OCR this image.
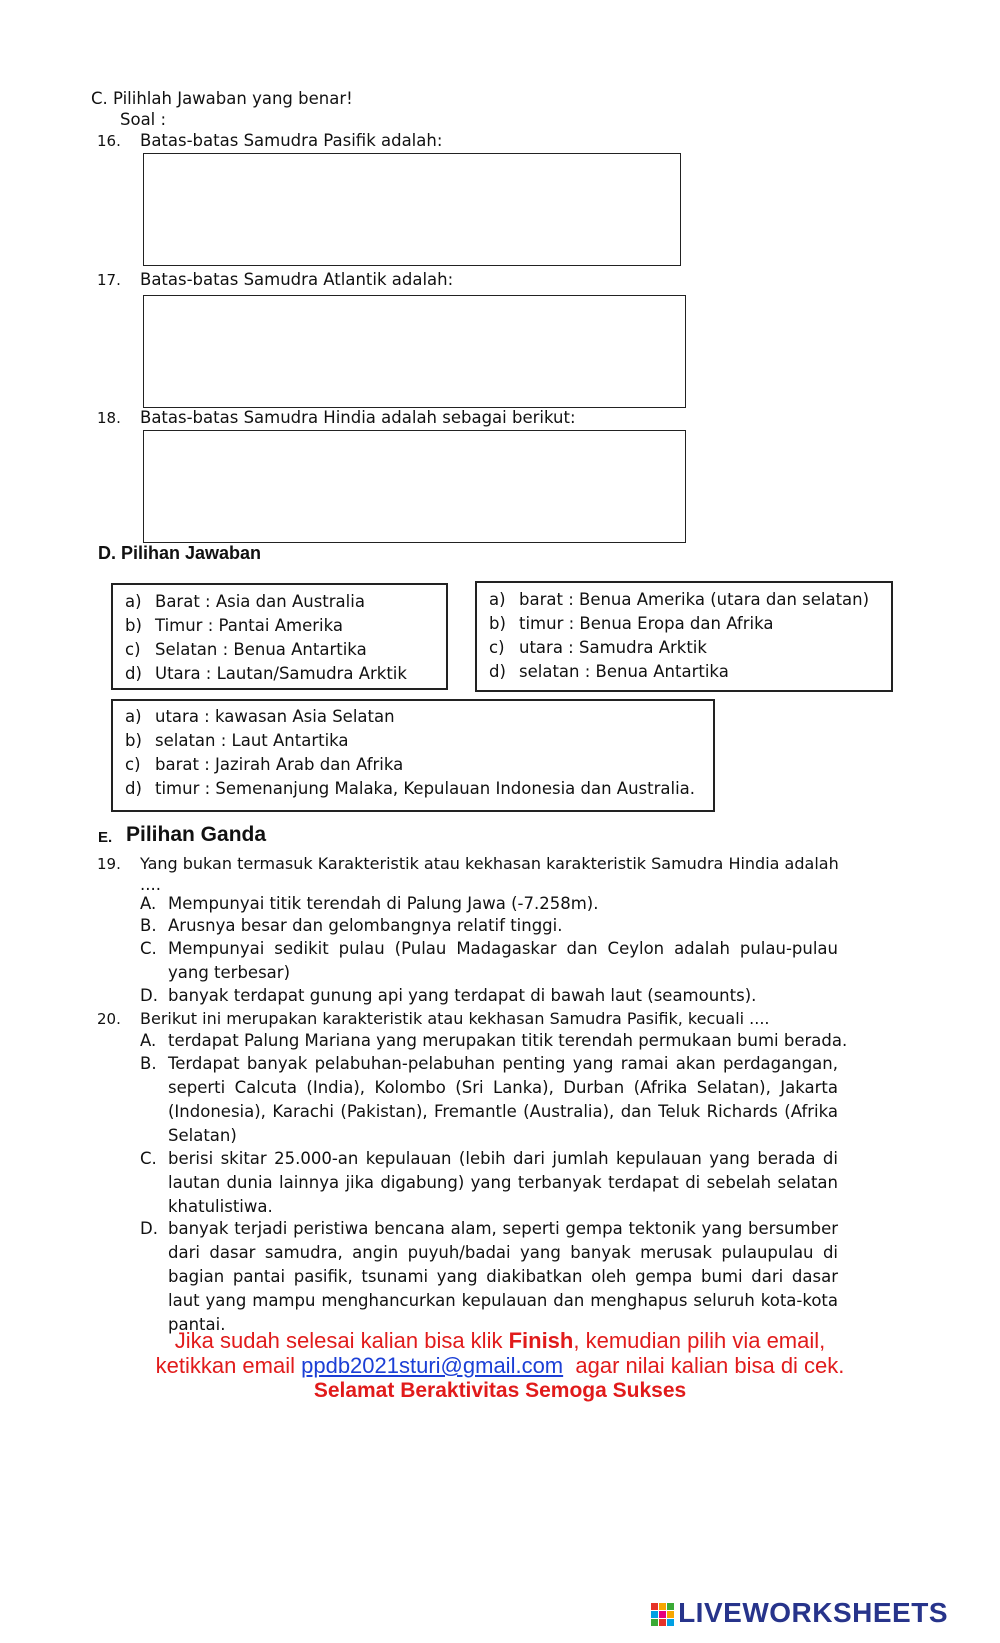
C. Pilihlah Jawaban yang benar!
Soal :
16. Batas-batas Samudra Pasifik adalah:
17. Batas-batas Samudra Atlantik adalah:
18. Batas-batas Samudra Hindia adalah sebagai berikut:
D. Pilihan Jawaban
a) Barat : Asia dan Australia
b) Timur : Pantai Amerika
c) Selatan : Benua Antartika
d) Utara : Lautan/Samudra Arktik
a) barat : Benua Amerika (utara dan selatan)
b) timur : Benua Eropa dan Afrika
c) utara : Samudra Arktik
d) selatan : Benua Antartika
a) utara : kawasan Asia Selatan
b) selatan : Laut Antartika
c) barat : Jazirah Arab dan Afrika
d) timur : Semenanjung Malaka, Kepulauan Indonesia dan Australia.
E. Pilihan Ganda
19. Yang bukan termasuk Karakteristik atau kekhasan karakteristik Samudra Hindia adalah
....
A. Mempunyai titik terendah di Palung Jawa (-7.258m).
B. Arusnya besar dan gelombangnya relatif tinggi.
C. Mempunyai sedikit pulau (Pulau Madagaskar dan Ceylon adalah pulau-pulau yang terbesar)
D. banyak terdapat gunung api yang terdapat di bawah laut (seamounts).
20. Berikut ini merupakan karakteristik atau kekhasan Samudra Pasifik, kecuali ....
A. terdapat Palung Mariana yang merupakan titik terendah permukaan bumi berada.
B. Terdapat banyak pelabuhan-pelabuhan penting yang ramai akan perdagangan, seperti Calcuta (India), Kolombo (Sri Lanka), Durban (Afrika Selatan), Jakarta (Indonesia), Karachi (Pakistan), Fremantle (Australia), dan Teluk Richards (Afrika Selatan)
C. berisi skitar 25.000-an kepulauan (lebih dari jumlah kepulauan yang berada di lautan dunia lainnya jika digabung) yang terbanyak terdapat di sebelah selatan khatulistiwa.
D. banyak terjadi peristiwa bencana alam, seperti gempa tektonik yang bersumber dari dasar samudra, angin puyuh/badai yang banyak merusak pulaupulau di bagian pantai pasifik, tsunami yang diakibatkan oleh gempa bumi dari dasar laut yang mampu menghancurkan kepulauan dan menghapus seluruh kota-kota pantai.
Jika sudah selesai kalian bisa klik Finish, kemudian pilih via email,
ketikkan email ppdb2021sturi@gmail.com  agar nilai kalian bisa di cek.
Selamat Beraktivitas Semoga Sukses
LIVEWORKSHEETS
